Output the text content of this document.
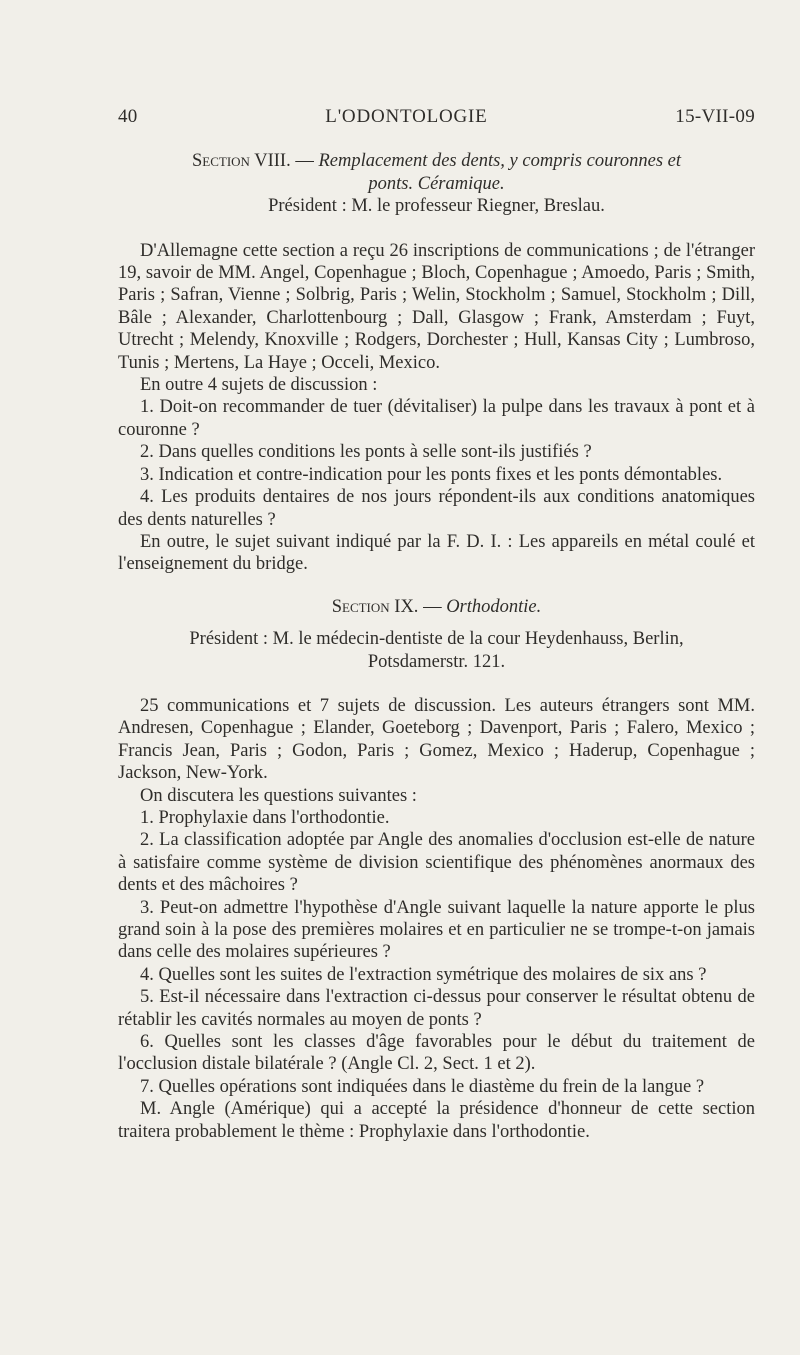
40	L'ODONTOLOGIE	15-VII-09

Section VIII. — Remplacement des dents, y compris couronnes et
ponts. Céramique.

Président : M. le professeur Riegner, Breslau.

D'Allemagne cette section a reçu 26 inscriptions de communications ; de l'étranger 19, savoir de MM. Angel, Copenhague ; Bloch, Copenhague ; Amoedo, Paris ; Smith, Paris ; Safran, Vienne ; Solbrig, Paris ; Welin, Stockholm ; Samuel, Stockholm ; Dill, Bâle ; Alexander, Charlottenbourg ; Dall, Glasgow ; Frank, Amsterdam ; Fuyt, Utrecht ; Melendy, Knoxville ; Rodgers, Dorchester ; Hull, Kansas City ; Lumbroso, Tunis ; Mertens, La Haye ; Occeli, Mexico.

En outre 4 sujets de discussion :

1. Doit-on recommander de tuer (dévitaliser) la pulpe dans les travaux à pont et à couronne ?

2. Dans quelles conditions les ponts à selle sont-ils justifiés ?

3. Indication et contre-indication pour les ponts fixes et les ponts démontables.

4. Les produits dentaires de nos jours répondent-ils aux conditions anatomiques des dents naturelles ?

En outre, le sujet suivant indiqué par la F. D. I. : Les appareils en métal coulé et l'enseignement du bridge.

Section IX. — Orthodontie.

Président : M. le médecin-dentiste de la cour Heydenhauss, Berlin,
Potsdamerstr. 121.

25 communications et 7 sujets de discussion. Les auteurs étrangers sont MM. Andresen, Copenhague ; Elander, Goeteborg ; Davenport, Paris ; Falero, Mexico ; Francis Jean, Paris ; Godon, Paris ; Gomez, Mexico ; Haderup, Copenhague ; Jackson, New-York.

On discutera les questions suivantes :

1. Prophylaxie dans l'orthodontie.

2. La classification adoptée par Angle des anomalies d'occlusion est-elle de nature à satisfaire comme système de division scientifique des phénomènes anormaux des dents et des mâchoires ?

3. Peut-on admettre l'hypothèse d'Angle suivant laquelle la nature apporte le plus grand soin à la pose des premières molaires et en particulier ne se trompe-t-on jamais dans celle des molaires supérieures ?

4. Quelles sont les suites de l'extraction symétrique des molaires de six ans ?

5. Est-il nécessaire dans l'extraction ci-dessus pour conserver le résultat obtenu de rétablir les cavités normales au moyen de ponts ?

6. Quelles sont les classes d'âge favorables pour le début du traitement de l'occlusion distale bilatérale ? (Angle Cl. 2, Sect. 1 et 2).

7. Quelles opérations sont indiquées dans le diastème du frein de la langue ?

M. Angle (Amérique) qui a accepté la présidence d'honneur de cette section traitera probablement le thème : Prophylaxie dans l'orthodontie.
